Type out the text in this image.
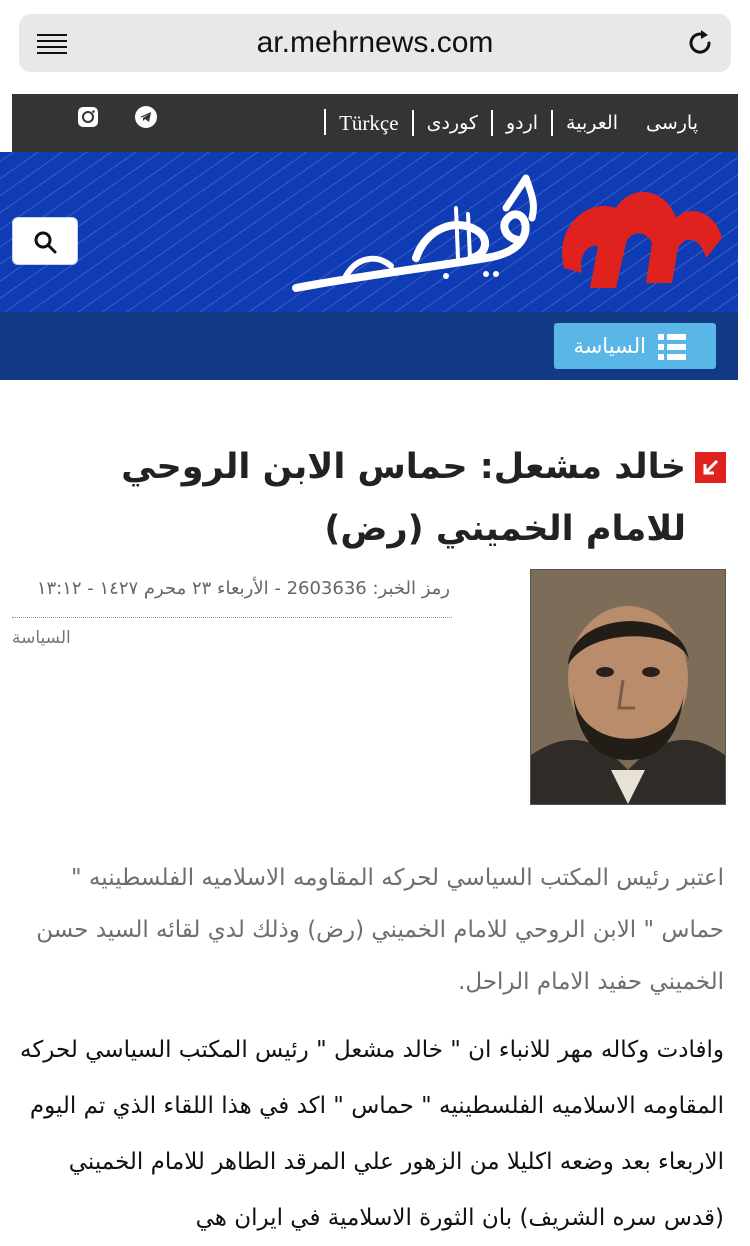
ar.mehrnews.com
پارسی
العربية
اردو
کوردی
Türkçe
السياسة
خالد مشعل: حماس الابن الروحي للامام الخميني (رض)
رمز الخبر: 2603636 - الأربعاء ٢٣ محرم ١٤٢٧ - ١٣:١٢
السياسة
اعتبر رئيس المكتب السياسي لحركه المقاومه الاسلاميه الفلسطينيه " حماس " الابن الروحي للامام الخميني (رض) وذلك لدي لقائه السيد حسن الخميني حفيد الامام الراحل.
وافادت وكاله مهر للانباء ان " خالد مشعل " رئيس المكتب السياسي لحركه المقاومه الاسلاميه الفلسطينيه " حماس " اكد في هذا اللقاء الذي تم اليوم الاربعاء بعد وضعه اكليلا من الزهور علي المرقد الطاهر للامام الخميني (قدس سره الشريف) بان الثورة الاسلامية في ايران هي
